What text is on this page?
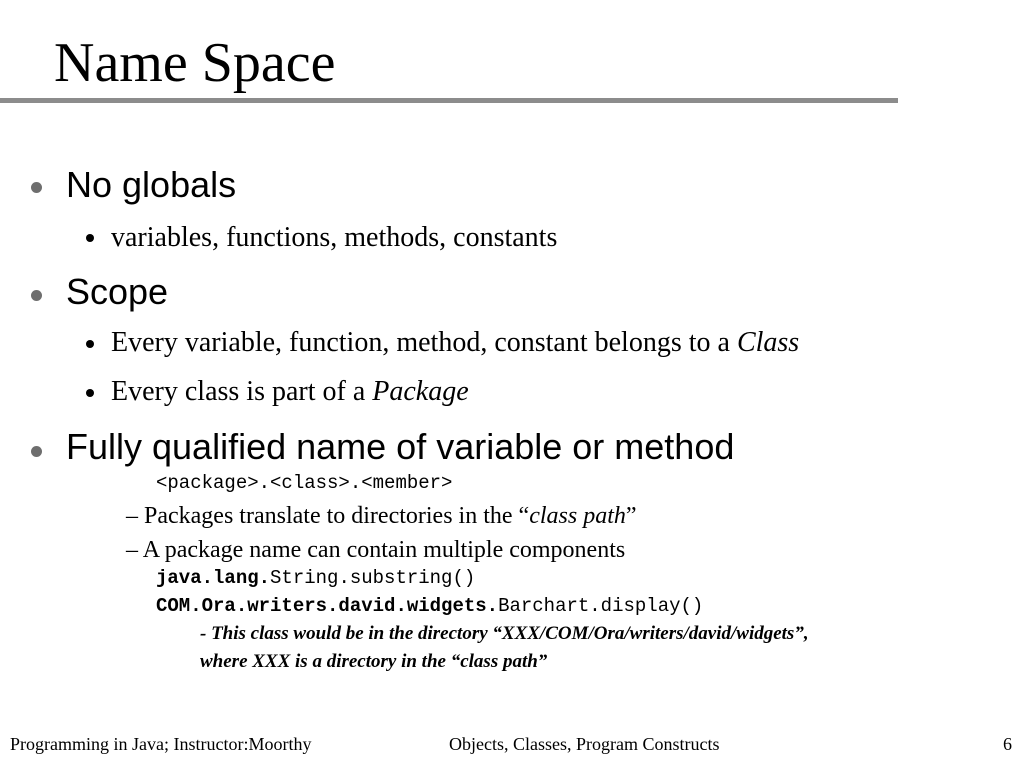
Name Space
No globals
variables, functions, methods, constants
Scope
Every variable, function, method, constant belongs to a Class
Every class is part of a Package
Fully qualified name of variable or method
<package>.<class>.<member>
– Packages translate to directories in the “class path”
– A package name can contain multiple components
java.lang.String.substring()
COM.Ora.writers.david.widgets.Barchart.display()
- This class would be in the directory “XXX/COM/Ora/writers/david/widgets”,
where XXX is a directory in the “class path”
Programming in Java; Instructor:Moorthy	Objects, Classes, Program Constructs	6
